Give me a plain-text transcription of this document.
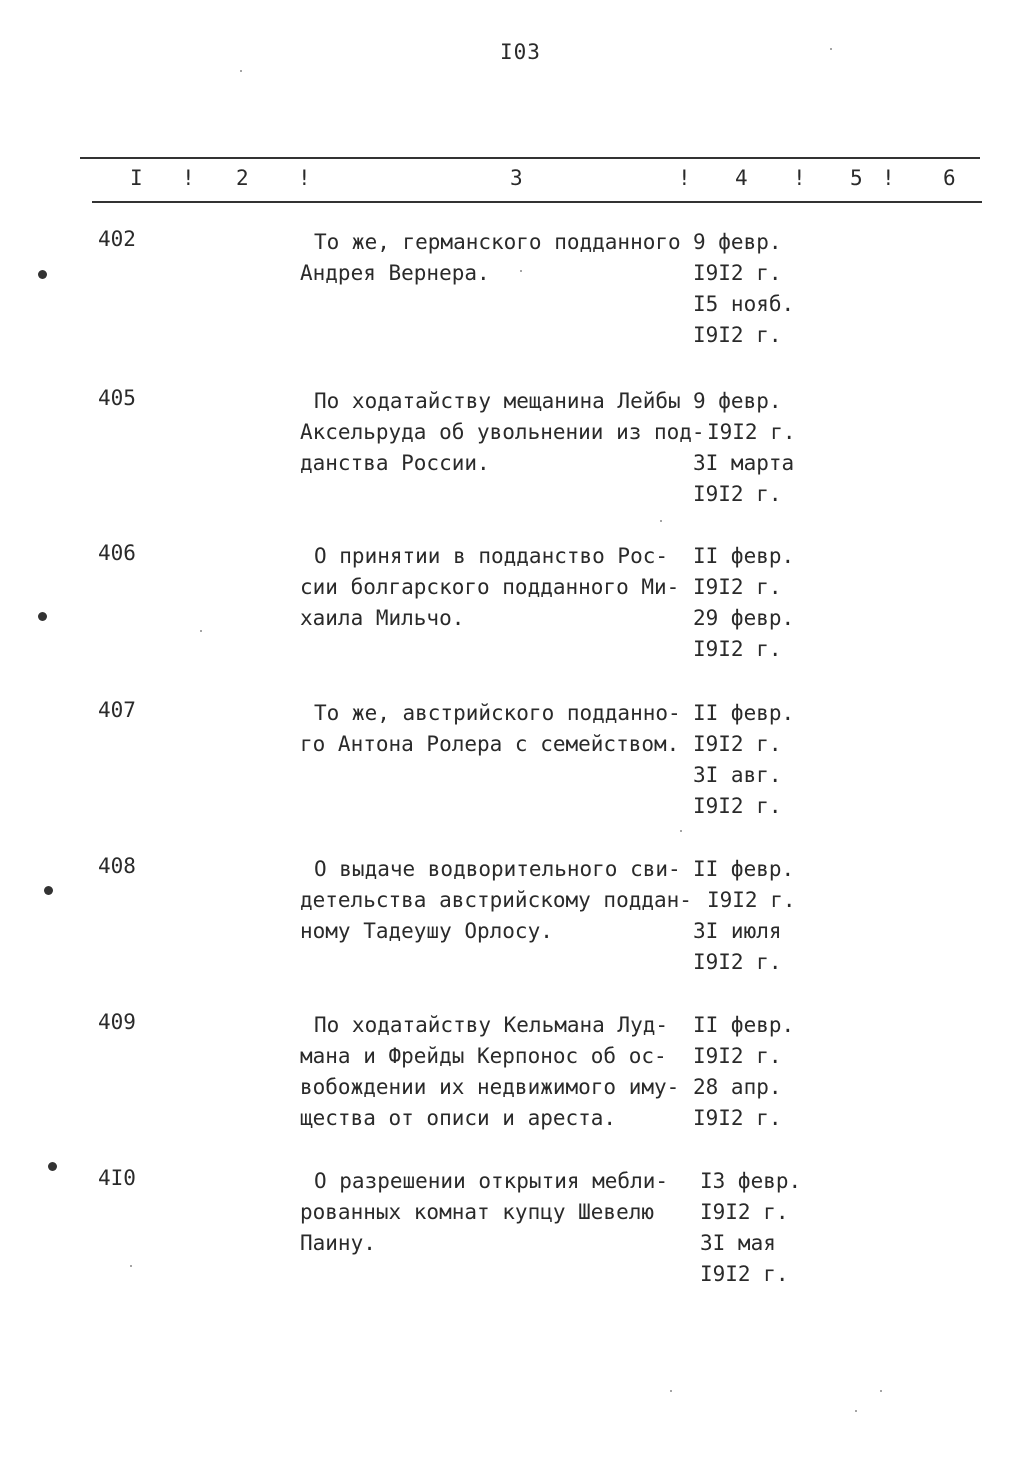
I03
I ! 2 !	3	! 4 ! 5 ! 6
402	То же, германского подданного
Андрея Вернера.
9 февр.
I9I2 г.
I5 нояб.
I9I2 г.
405	По ходатайству мещанина Лейбы
Аксельруда об увольнении из под-
данства России.
9 февр.
I9I2 г.
3I марта
I9I2 г.
406	О принятии в подданство Рос-
сии болгарского подданного Ми-
хаила Мильчо.
II февр.
I9I2 г.
29 февр.
I9I2 г.
407	То же, австрийского подданно-
го Антона Ролера с семейством.
II февр.
I9I2 г.
3I авг.
I9I2 г.
408	О выдаче водворительного сви-
детельства австрийскому поддан-
ному Тадеушу Орлосу.
II февр.
I9I2 г.
3I июля
I9I2 г.
409	По ходатайству Кельмана Луд-
мана и Фрейды Керпонос об ос-
вобождении их недвижимого иму-
щества от описи и ареста.
II февр.
I9I2 г.
28 апр.
I9I2 г.
4I0	О разрешении открытия мебли-
рованных комнат купцу Шевелю
Паину.
I3 февр.
I9I2 г.
3I мая
I9I2 г.
